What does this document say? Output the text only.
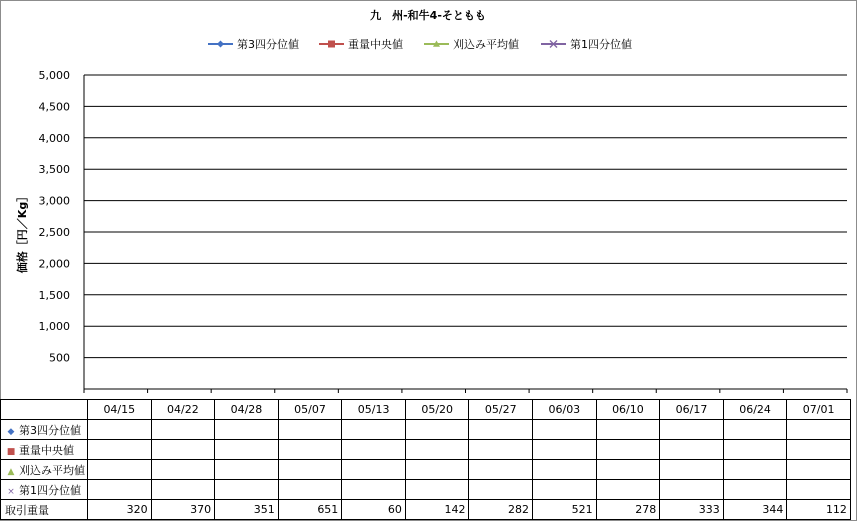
九　州-和牛4-そともも
第3四分位値	重量中央値	刈込み平均値	第1四分位値
500
1,000
1,500
2,000
2,500
3,000
3,500
4,000
4,500
5,000
価格［円／Kg］
	04/15	04/22	04/28	05/07	05/13	05/20	05/27	06/03	06/10	06/17	06/24	07/01
◆ 第3四分位値												
■ 重量中央値												
▲ 刈込み平均値												
× 第1四分位値												
取引重量	320	370	351	651	60	142	282	521	278	333	344	112
